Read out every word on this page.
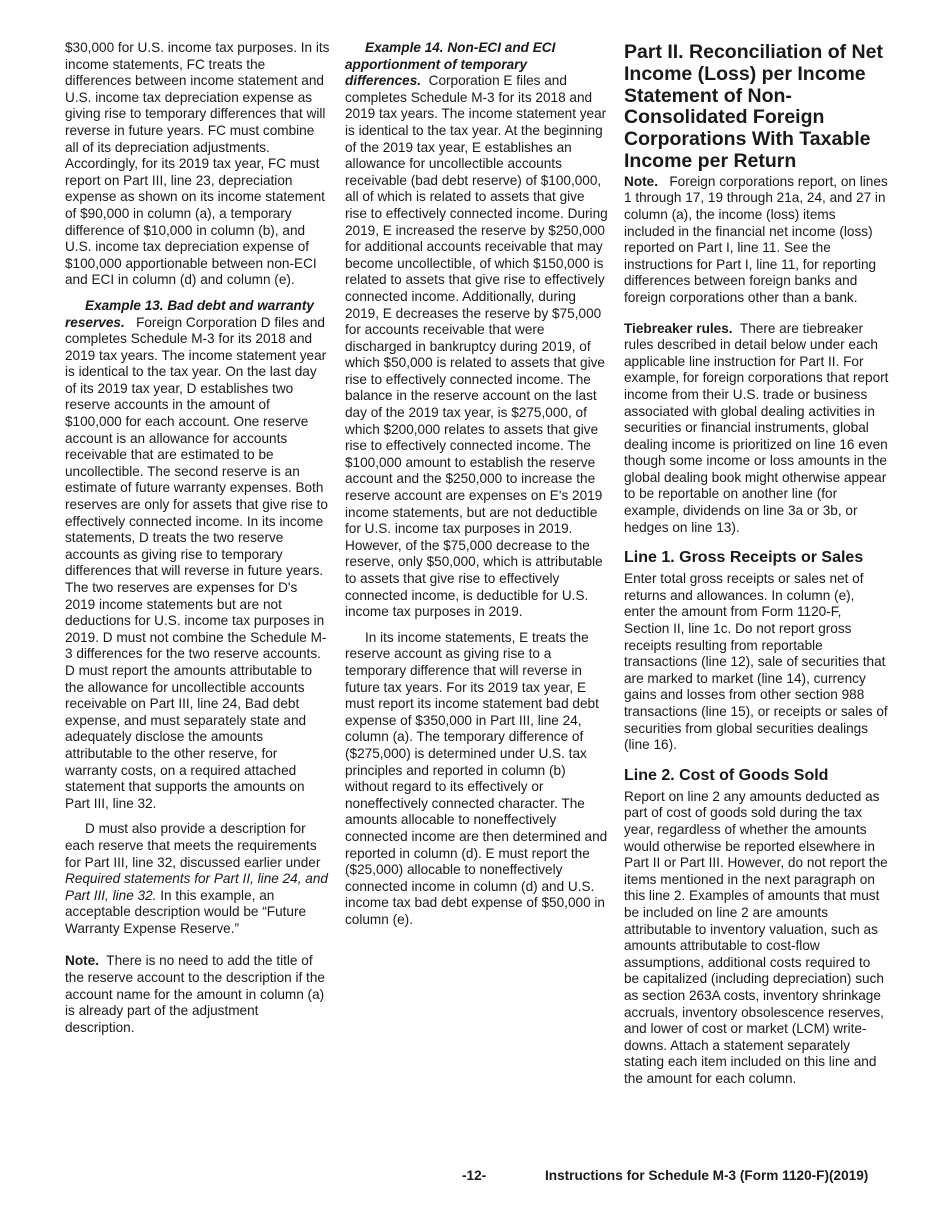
$30,000 for U.S. income tax purposes. In its income statements, FC treats the differences between income statement and U.S. income tax depreciation expense as giving rise to temporary differences that will reverse in future years. FC must combine all of its depreciation adjustments. Accordingly, for its 2019 tax year, FC must report on Part III, line 23, depreciation expense as shown on its income statement of $90,000 in column (a), a temporary difference of $10,000 in column (b), and U.S. income tax depreciation expense of $100,000 apportionable between non-ECI and ECI in column (d) and column (e).

Example 13. Bad debt and warranty reserves. Foreign Corporation D files and completes Schedule M-3 for its 2018 and 2019 tax years. The income statement year is identical to the tax year. On the last day of its 2019 tax year, D establishes two reserve accounts in the amount of $100,000 for each account. One reserve account is an allowance for accounts receivable that are estimated to be uncollectible. The second reserve is an estimate of future warranty expenses. Both reserves are only for assets that give rise to effectively connected income. In its income statements, D treats the two reserve accounts as giving rise to temporary differences that will reverse in future years. The two reserves are expenses for D's 2019 income statements but are not deductions for U.S. income tax purposes in 2019. D must not combine the Schedule M-3 differences for the two reserve accounts. D must report the amounts attributable to the allowance for uncollectible accounts receivable on Part III, line 24, Bad debt expense, and must separately state and adequately disclose the amounts attributable to the other reserve, for warranty costs, on a required attached statement that supports the amounts on Part III, line 32.

D must also provide a description for each reserve that meets the requirements for Part III, line 32, discussed earlier under Required statements for Part II, line 24, and Part III, line 32. In this example, an acceptable description would be “Future Warranty Expense Reserve.”

Note. There is no need to add the title of the reserve account to the description if the account name for the amount in column (a) is already part of the adjustment description.

Example 14. Non-ECI and ECI apportionment of temporary differences. Corporation E files and completes Schedule M-3 for its 2018 and 2019 tax years. The income statement year is identical to the tax year. At the beginning of the 2019 tax year, E establishes an allowance for uncollectible accounts receivable (bad debt reserve) of $100,000, all of which is related to assets that give rise to effectively connected income. During 2019, E increased the reserve by $250,000 for additional accounts receivable that may become uncollectible, of which $150,000 is related to assets that give rise to effectively connected income. Additionally, during 2019, E decreases the reserve by $75,000 for accounts receivable that were discharged in bankruptcy during 2019, of which $50,000 is related to assets that give rise to effectively connected income. The balance in the reserve account on the last day of the 2019 tax year, is $275,000, of which $200,000 relates to assets that give rise to effectively connected income. The $100,000 amount to establish the reserve account and the $250,000 to increase the reserve account are expenses on E's 2019 income statements, but are not deductible for U.S. income tax purposes in 2019. However, of the $75,000 decrease to the reserve, only $50,000, which is attributable to assets that give rise to effectively connected income, is deductible for U.S. income tax purposes in 2019.

In its income statements, E treats the reserve account as giving rise to a temporary difference that will reverse in future tax years. For its 2019 tax year, E must report its income statement bad debt expense of $350,000 in Part III, line 24, column (a). The temporary difference of ($275,000) is determined under U.S. tax principles and reported in column (b) without regard to its effectively or noneffectively connected character. The amounts allocable to noneffectively connected income are then determined and reported in column (d). E must report the ($25,000) allocable to noneffectively connected income in column (d) and U.S. income tax bad debt expense of $50,000 in column (e).

Part II. Reconciliation of Net Income (Loss) per Income Statement of Non-Consolidated Foreign Corporations With Taxable Income per Return

Note. Foreign corporations report, on lines 1 through 17, 19 through 21a, 24, and 27 in column (a), the income (loss) items included in the financial net income (loss) reported on Part I, line 11. See the instructions for Part I, line 11, for reporting differences between foreign banks and foreign corporations other than a bank.

Tiebreaker rules. There are tiebreaker rules described in detail below under each applicable line instruction for Part II. For example, for foreign corporations that report income from their U.S. trade or business associated with global dealing activities in securities or financial instruments, global dealing income is prioritized on line 16 even though some income or loss amounts in the global dealing book might otherwise appear to be reportable on another line (for example, dividends on line 3a or 3b, or hedges on line 13).

Line 1. Gross Receipts or Sales

Enter total gross receipts or sales net of returns and allowances. In column (e), enter the amount from Form 1120-F, Section II, line 1c. Do not report gross receipts resulting from reportable transactions (line 12), sale of securities that are marked to market (line 14), currency gains and losses from other section 988 transactions (line 15), or receipts or sales of securities from global securities dealings (line 16).

Line 2. Cost of Goods Sold

Report on line 2 any amounts deducted as part of cost of goods sold during the tax year, regardless of whether the amounts would otherwise be reported elsewhere in Part II or Part III. However, do not report the items mentioned in the next paragraph on this line 2. Examples of amounts that must be included on line 2 are amounts attributable to inventory valuation, such as amounts attributable to cost-flow assumptions, additional costs required to be capitalized (including depreciation) such as section 263A costs, inventory shrinkage accruals, inventory obsolescence reserves, and lower of cost or market (LCM) write-downs. Attach a statement separately stating each item included on this line and the amount for each column.

-12-	Instructions for Schedule M-3 (Form 1120-F)(2019)
